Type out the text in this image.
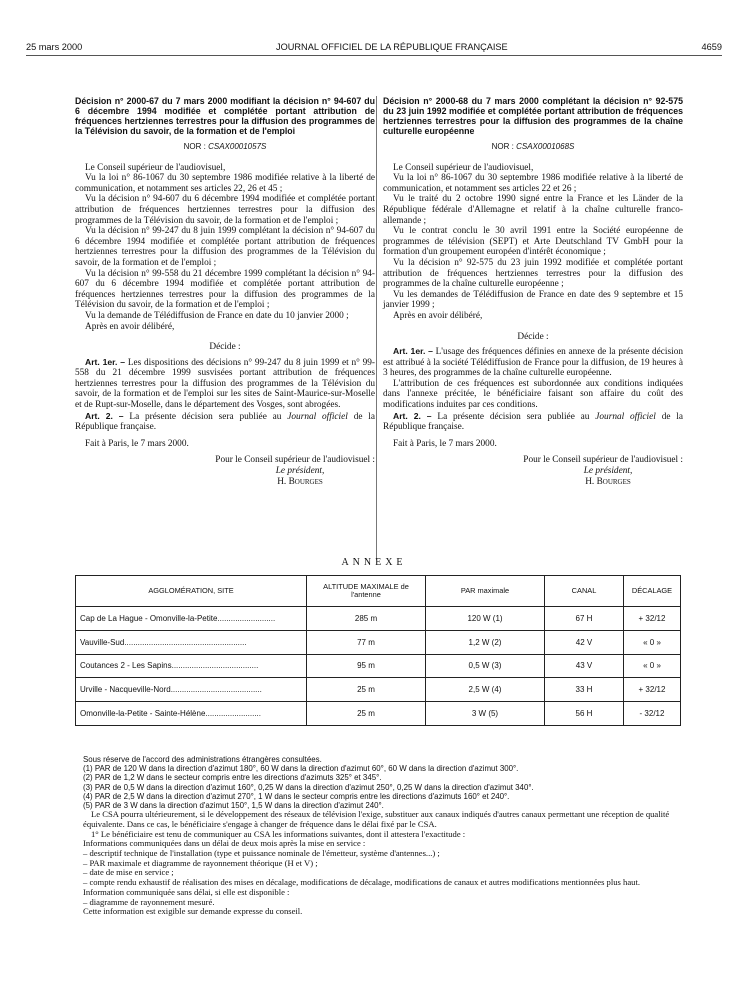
25 mars 2000	JOURNAL OFFICIEL DE LA RÉPUBLIQUE FRANÇAISE	4659
Décision n° 2000-67 du 7 mars 2000 modifiant la décision n° 94-607 du 6 décembre 1994 modifiée et complétée portant attribution de fréquences hertziennes terrestres pour la diffusion des programmes de la Télévision du savoir, de la formation et de l'emploi
NOR : CSAX0001057S

Le Conseil supérieur de l'audiovisuel,

Vu la loi n° 86-1067 du 30 septembre 1986 modifiée relative à la liberté de communication, et notamment ses articles 22, 26 et 45 ;

Vu la décision n° 94-607 du 6 décembre 1994 modifiée et complétée portant attribution de fréquences hertziennes terrestres pour la diffusion des programmes de la Télévision du savoir, de la formation et de l'emploi ;

Vu la décision n° 99-247 du 8 juin 1999 complétant la décision n° 94-607 du 6 décembre 1994 modifiée et complétée portant attribution de fréquences hertziennes terrestres pour la diffusion des programmes de la Télévision du savoir, de la formation et de l'emploi ;

Vu la décision n° 99-558 du 21 décembre 1999 complétant la décision n° 94-607 du 6 décembre 1994 modifiée et complétée portant attribution de fréquences hertziennes terrestres pour la diffusion des programmes de la Télévision du savoir, de la formation et de l'emploi ;

Vu la demande de Télédiffusion de France en date du 10 janvier 2000 ;

Après en avoir délibéré,

Décide :

Art. 1er. – Les dispositions des décisions n° 99-247 du 8 juin 1999 et n° 99-558 du 21 décembre 1999 susvisées portant attribution de fréquences hertziennes terrestres pour la diffusion des programmes de la Télévision du savoir, de la formation et de l'emploi sur les sites de Saint-Maurice-sur-Moselle et de Rupt-sur-Moselle, dans le département des Vosges, sont abrogées.

Art. 2. – La présente décision sera publiée au Journal officiel de la République française.

Fait à Paris, le 7 mars 2000.

Pour le Conseil supérieur de l'audiovisuel :

Le président,

H. Bourges

Décision n° 2000-68 du 7 mars 2000 complétant la décision n° 92-575 du 23 juin 1992 modifiée et complétée portant attribution de fréquences hertziennes terrestres pour la diffusion des programmes de la chaîne culturelle européenne
NOR : CSAX0001068S

Le Conseil supérieur de l'audiovisuel,

Vu la loi n° 86-1067 du 30 septembre 1986 modifiée relative à la liberté de communication, et notamment ses articles 22 et 26 ;

Vu le traité du 2 octobre 1990 signé entre la France et les Länder de la République fédérale d'Allemagne et relatif à la chaîne culturelle franco-allemande ;

Vu le contrat conclu le 30 avril 1991 entre la Société européenne de programmes de télévision (SEPT) et Arte Deutschland TV GmbH pour la formation d'un groupement européen d'intérêt économique ;

Vu la décision n° 92-575 du 23 juin 1992 modifiée et complétée portant attribution de fréquences hertziennes terrestres pour la diffusion des programmes de la chaîne culturelle européenne ;

Vu les demandes de Télédiffusion de France en date des 9 septembre et 15 janvier 1999 ;

Après en avoir délibéré,

Décide :

Art. 1er. – L'usage des fréquences définies en annexe de la présente décision est attribué à la société Télédiffusion de France pour la diffusion, de 19 heures à 3 heures, des programmes de la chaîne culturelle européenne.

L'attribution de ces fréquences est subordonnée aux conditions indiquées dans l'annexe précitée, le bénéficiaire faisant son affaire du coût des modifications induites par ces conditions.

Art. 2. – La présente décision sera publiée au Journal officiel de la République française.

Fait à Paris, le 7 mars 2000.

Pour le Conseil supérieur de l'audiovisuel :

Le président,

H. Bourges

ANNEXE
AGGLOMÉRATION, SITE	ALTITUDE MAXIMALE de l'antenne	PAR maximale	CANAL	DÉCALAGE
Cap de La Hague - Omonville-la-Petite..........................	285 m	120 W (1)	67 H	+ 32/12
Vauville-Sud.......................................................	77 m	1,2 W (2)	42 V	« 0 »
Coutances 2 - Les Sapins.......................................	95 m	0,5 W (3)	43 V	« 0 »
Urville - Nacqueville-Nord.........................................	25 m	2,5 W (4)	33 H	+ 32/12
Omonville-la-Petite - Sainte-Hélène.........................	25 m	3 W (5)	56 H	- 32/12

Sous réserve de l'accord des administrations étrangères consultées.

(1) PAR de 120 W dans la direction d'azimut 180°, 60 W dans la direction d'azimut 60°, 60 W dans la direction d'azimut 300°.

(2) PAR de 1,2 W dans le secteur compris entre les directions d'azimuts 325° et 345°.

(3) PAR de 0,5 W dans la direction d'azimut 160°, 0,25 W dans la direction d'azimut 250°, 0,25 W dans la direction d'azimut 340°.

(4) PAR de 2,5 W dans la direction d'azimut 270°, 1 W dans le secteur compris entre les directions d'azimuts 160° et 240°.

(5) PAR de 3 W dans la direction d'azimut 150°, 1,5 W dans la direction d'azimut 240°.

Le CSA pourra ultérieurement, si le développement des réseaux de télévision l'exige, substituer aux canaux indiqués d'autres canaux permettant une réception de qualité équivalente. Dans ce cas, le bénéficiaire s'engage à changer de fréquence dans le délai fixé par le CSA.

1° Le bénéficiaire est tenu de communiquer au CSA les informations suivantes, dont il attestera l'exactitude :

Informations communiquées dans un délai de deux mois après la mise en service :

– descriptif technique de l'installation (type et puissance nominale de l'émetteur, système d'antennes...) ;

– PAR maximale et diagramme de rayonnement théorique (H et V) ;

– date de mise en service ;

– compte rendu exhaustif de réalisation des mises en décalage, modifications de décalage, modifications de canaux et autres modifications mentionnées plus haut.

Information communiquée sans délai, si elle est disponible :

– diagramme de rayonnement mesuré.

Cette information est exigible sur demande expresse du conseil.
